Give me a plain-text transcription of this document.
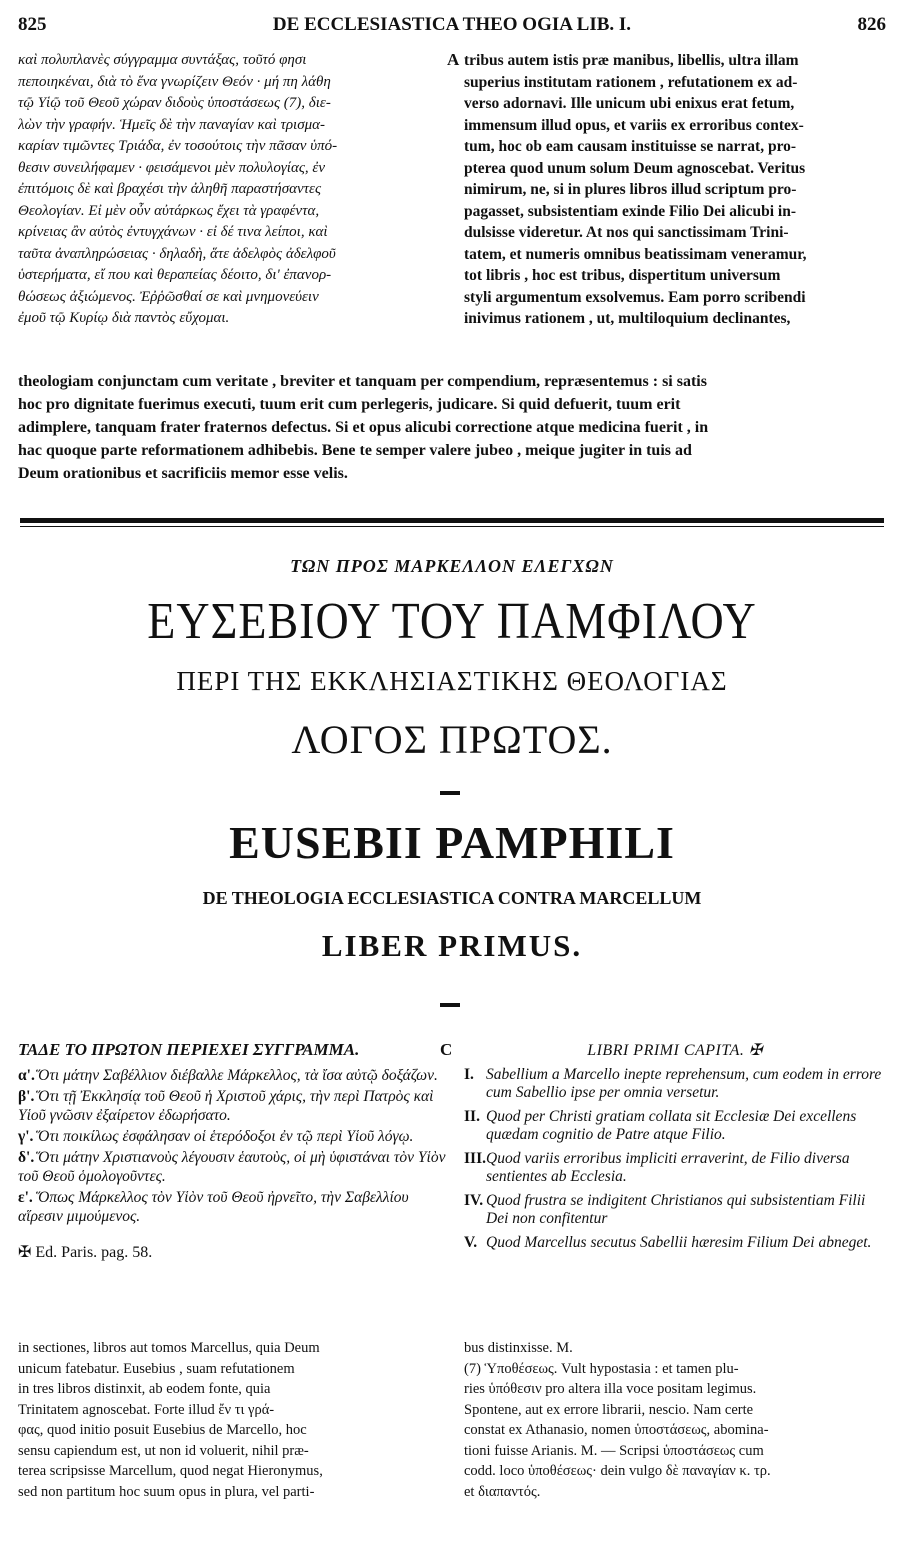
825	DE ECCLESIASTICA THEO OGIA LIB. I.	826

καὶ πολυπλανὲς σύγγραμμα συντάξας, τοῦτό φησι

πεποιηκέναι, διὰ τὸ ἕνα γνωρίζειν Θεόν · μή πη λάθη

τῷ Υἱῷ τοῦ Θεοῦ χώραν διδοὺς ὑποστάσεως (7), διε-

λὼν τὴν γραφήν. Ἡμεῖς δὲ τὴν παναγίαν καὶ τρισμα-

καρίαν τιμῶντες Τριάδα, ἐν τοσούτοις τὴν πᾶσαν ὑπό-

θεσιν συνειλήφαμεν · φεισάμενοι μὲν πολυλογίας, ἐν

ἐπιτόμοις δὲ καὶ βραχέσι τὴν ἀληθῆ παραστήσαντες

Θεολογίαν. Εἰ μὲν οὖν αὐτάρκως ἔχει τὰ γραφέντα,

κρίνειας ἂν αὐτὸς ἐντυγχάνων · εἰ δέ τινα λείποι, καὶ

ταῦτα ἀναπληρώσειας · δηλαδὴ, ἅτε ἀδελφὸς ἀδελφοῦ

ὑστερήματα, εἴ που καὶ θεραπείας δέοιτο, δι' ἐπανορ-

θώσεως ἀξιώμενος. Ἐῤῥῶσθαί σε καὶ μνημονεύειν

ἐμοῦ τῷ Κυρίῳ διὰ παντὸς εὔχομαι.

A tribus autem istis præ manibus, libellis, ultra illam

superius institutam rationem , refutationem ex ad-

verso adornavi. Ille unicum ubi enixus erat fetum,

immensum illud opus, et variis ex erroribus contex-

tum, hoc ob eam causam instituisse se narrat, pro-

pterea quod unum solum Deum agnoscebat. Veritus

nimirum, ne, si in plures libros illud scriptum pro-

pagasset, subsistentiam exinde Filio Dei alicubi in-

dulsisse videretur. At nos qui sanctissimam Trini-

tatem, et numeris omnibus beatissimam veneramur,

tot libris , hoc est tribus, dispertitum universum

styli argumentum exsolvemus. Eam porro scribendi

inivimus rationem , ut, multiloquium declinantes,

theologiam conjunctam cum veritate , breviter et tanquam per compendium, repræsentemus : si satis

hoc pro dignitate fuerimus executi, tuum erit cum perlegeris, judicare. Si quid defuerit, tuum erit

adimplere, tanquam frater fraternos defectus. Si et opus alicubi correctione atque medicina fuerit , in

hac quoque parte reformationem adhibebis. Bene te semper valere jubeo , meique jugiter in tuis ad

Deum orationibus et sacrificiis memor esse velis.

ΤΩΝ ΠΡΟΣ ΜΑΡΚΕΛΛΟΝ ΕΛΕΓΧΩΝ
ΕΥΣΕΒΙΟΥ ΤΟΥ ΠΑΜΦΙΛΟΥ
ΠΕΡΙ ΤΗΣ ΕΚΚΛΗΣΙΑΣΤΙΚΗΣ ΘΕΟΛΟΓΙΑΣ
ΛΟΓΟΣ ΠΡΩΤΟΣ.
EUSEBII PAMPHILI
DE THEOLOGIA ECCLESIASTICA CONTRA MARCELLUM
LIBER PRIMUS.

ΤΑΔΕ ΤΟ ΠΡΩΤΟΝ ΠΕΡΙΕΧΕΙ ΣΥΓΓΡΑΜΜΑ.

α'. Ὅτι μάτην Σαβέλλιον διέβαλλε Μάρκελλος, τὰ ἴσα αὐτῷ δοξάζων.
β'. Ὅτι τῇ Ἐκκλησίᾳ τοῦ Θεοῦ ἡ Χριστοῦ χάρις, τὴν περὶ Πατρὸς καὶ Υἱοῦ γνῶσιν ἐξαίρετον ἐδωρήσατο.
γ'. Ὅτι ποικίλως ἐσφάλησαν οἱ ἑτερόδοξοι ἐν τῷ περὶ Υἱοῦ λόγῳ.
δ'. Ὅτι μάτην Χριστιανοὺς λέγουσιν ἑαυτοὺς, οἱ μὴ ὑφιστάναι τὸν Υἱὸν τοῦ Θεοῦ ὁμολογοῦντες.
ε'. Ὅπως Μάρκελλος τὸν Υἱὸν τοῦ Θεοῦ ἠρνεῖτο, τὴν Σαβελλίου αἵρεσιν μιμούμενος.
✠ Ed. Paris. pag. 58.
C	LIBRI PRIMI CAPITA. ✠

I. Sabellium a Marcello inepte reprehensum, cum eodem in errore cum Sabellio ipse per omnia versetur.
II. Quod per Christi gratiam collata sit Ecclesiæ Dei excellens quædam cognitio de Patre atque Filio.
III. Quod variis erroribus impliciti erraverint, de Filio diversa sentientes ab Ecclesia.
IV. Quod frustra se indigitent Christianos qui subsistentiam Filii Dei non confitentur
V. Quod Marcellus secutus Sabellii hæresim Filium Dei abneget.

in sectiones, libros aut tomos Marcellus, quia Deum

unicum fatebatur. Eusebius , suam refutationem

in tres libros distinxit, ab eodem fonte, quia

Trinitatem agnoscebat. Forte illud ἔν τι γρά-

φας, quod initio posuit Eusebius de Marcello, hoc

sensu capiendum est, ut non id voluerit, nihil præ-

terea scripsisse Marcellum, quod negat Hieronymus,

sed non partitum hoc suum opus in plura, vel parti-

bus distinxisse. M.

(7) Ὑποθέσεως. Vult hypostasia : et tamen plu-

ries ὑπόθεσιν pro altera illa voce positam legimus.

Spontene, aut ex errore librarii, nescio. Nam certe

constat ex Athanasio, nomen ὑποστάσεως, abomina-

tioni fuisse Arianis. M. — Scripsi ὑποστάσεως cum

codd. loco ὑποθέσεως· dein vulgo δὲ παναγίαν κ. τρ.

et διαπαντός.
